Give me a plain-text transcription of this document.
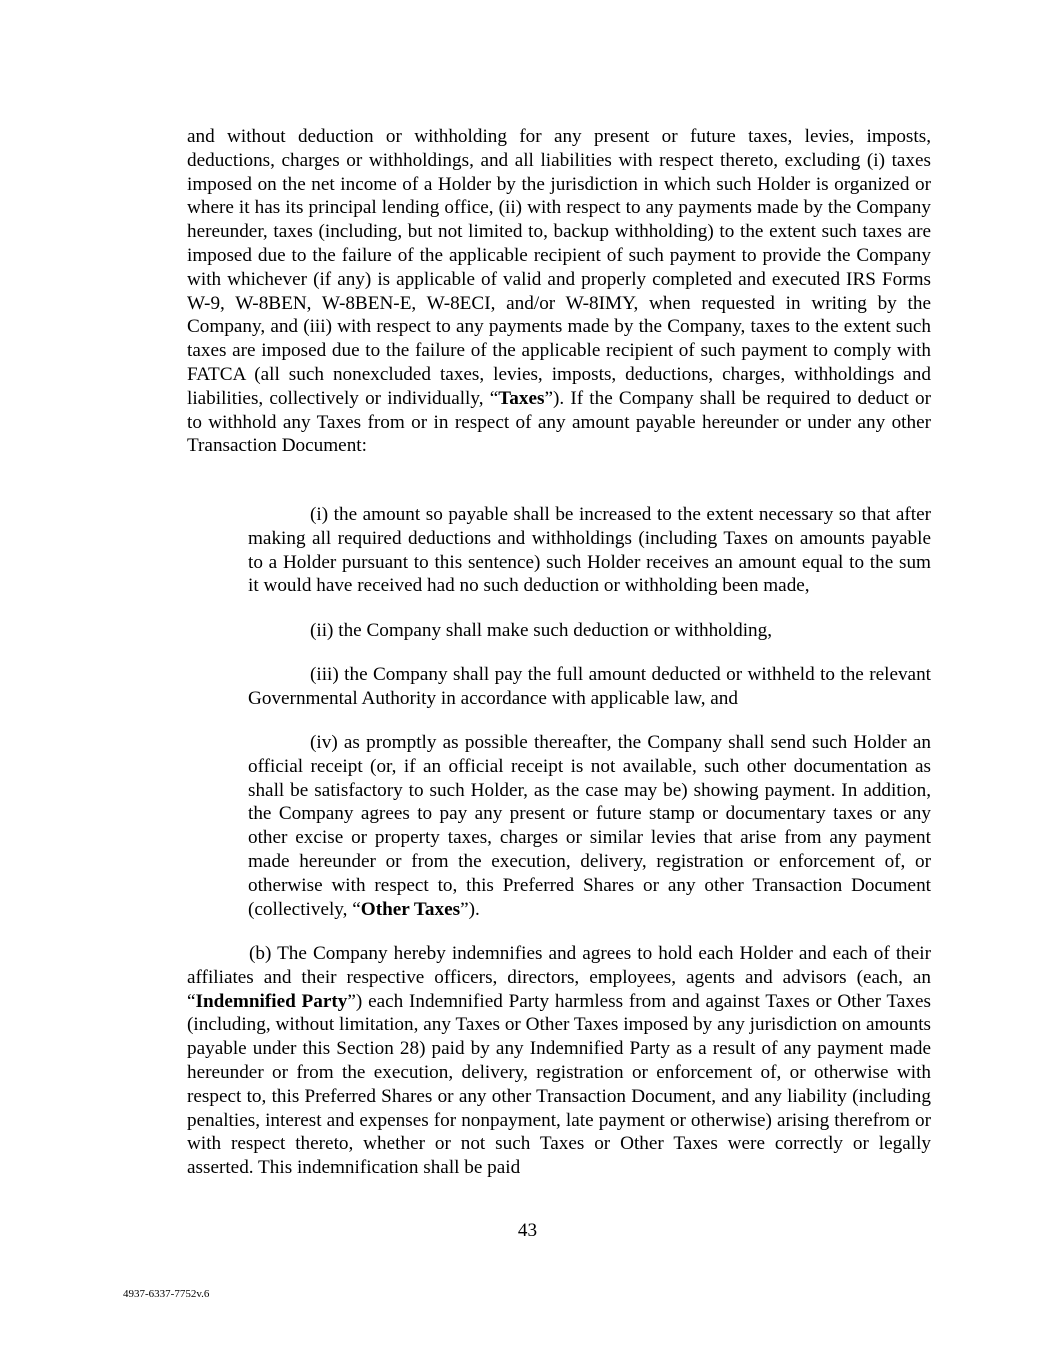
and without deduction or withholding for any present or future taxes, levies, imposts, deductions, charges or withholdings, and all liabilities with respect thereto, excluding (i) taxes imposed on the net income of a Holder by the jurisdiction in which such Holder is organized or where it has its principal lending office, (ii) with respect to any payments made by the Company hereunder, taxes (including, but not limited to, backup withholding) to the extent such taxes are imposed due to the failure of the applicable recipient of such payment to provide the Company with whichever (if any) is applicable of valid and properly completed and executed IRS Forms W-9, W-8BEN, W-8BEN-E, W-8ECI, and/or W-8IMY, when requested in writing by the Company, and (iii) with respect to any payments made by the Company, taxes to the extent such taxes are imposed due to the failure of the applicable recipient of such payment to comply with FATCA (all such nonexcluded taxes, levies, imposts, deductions, charges, withholdings and liabilities, collectively or individually, “Taxes”). If the Company shall be required to deduct or to withhold any Taxes from or in respect of any amount payable hereunder or under any other Transaction Document:

(i) the amount so payable shall be increased to the extent necessary so that after making all required deductions and withholdings (including Taxes on amounts payable to a Holder pursuant to this sentence) such Holder receives an amount equal to the sum it would have received had no such deduction or withholding been made,

(ii) the Company shall make such deduction or withholding,

(iii) the Company shall pay the full amount deducted or withheld to the relevant Governmental Authority in accordance with applicable law, and

(iv) as promptly as possible thereafter, the Company shall send such Holder an official receipt (or, if an official receipt is not available, such other documentation as shall be satisfactory to such Holder, as the case may be) showing payment. In addition, the Company agrees to pay any present or future stamp or documentary taxes or any other excise or property taxes, charges or similar levies that arise from any payment made hereunder or from the execution, delivery, registration or enforcement of, or otherwise with respect to, this Preferred Shares or any other Transaction Document (collectively, “Other Taxes”).

(b) The Company hereby indemnifies and agrees to hold each Holder and each of their affiliates and their respective officers, directors, employees, agents and advisors (each, an “Indemnified Party”) each Indemnified Party harmless from and against Taxes or Other Taxes (including, without limitation, any Taxes or Other Taxes imposed by any jurisdiction on amounts payable under this Section 28) paid by any Indemnified Party as a result of any payment made hereunder or from the execution, delivery, registration or enforcement of, or otherwise with respect to, this Preferred Shares or any other Transaction Document, and any liability (including penalties, interest and expenses for nonpayment, late payment or otherwise) arising therefrom or with respect thereto, whether or not such Taxes or Other Taxes were correctly or legally asserted. This indemnification shall be paid

43

4937-6337-7752v.6
